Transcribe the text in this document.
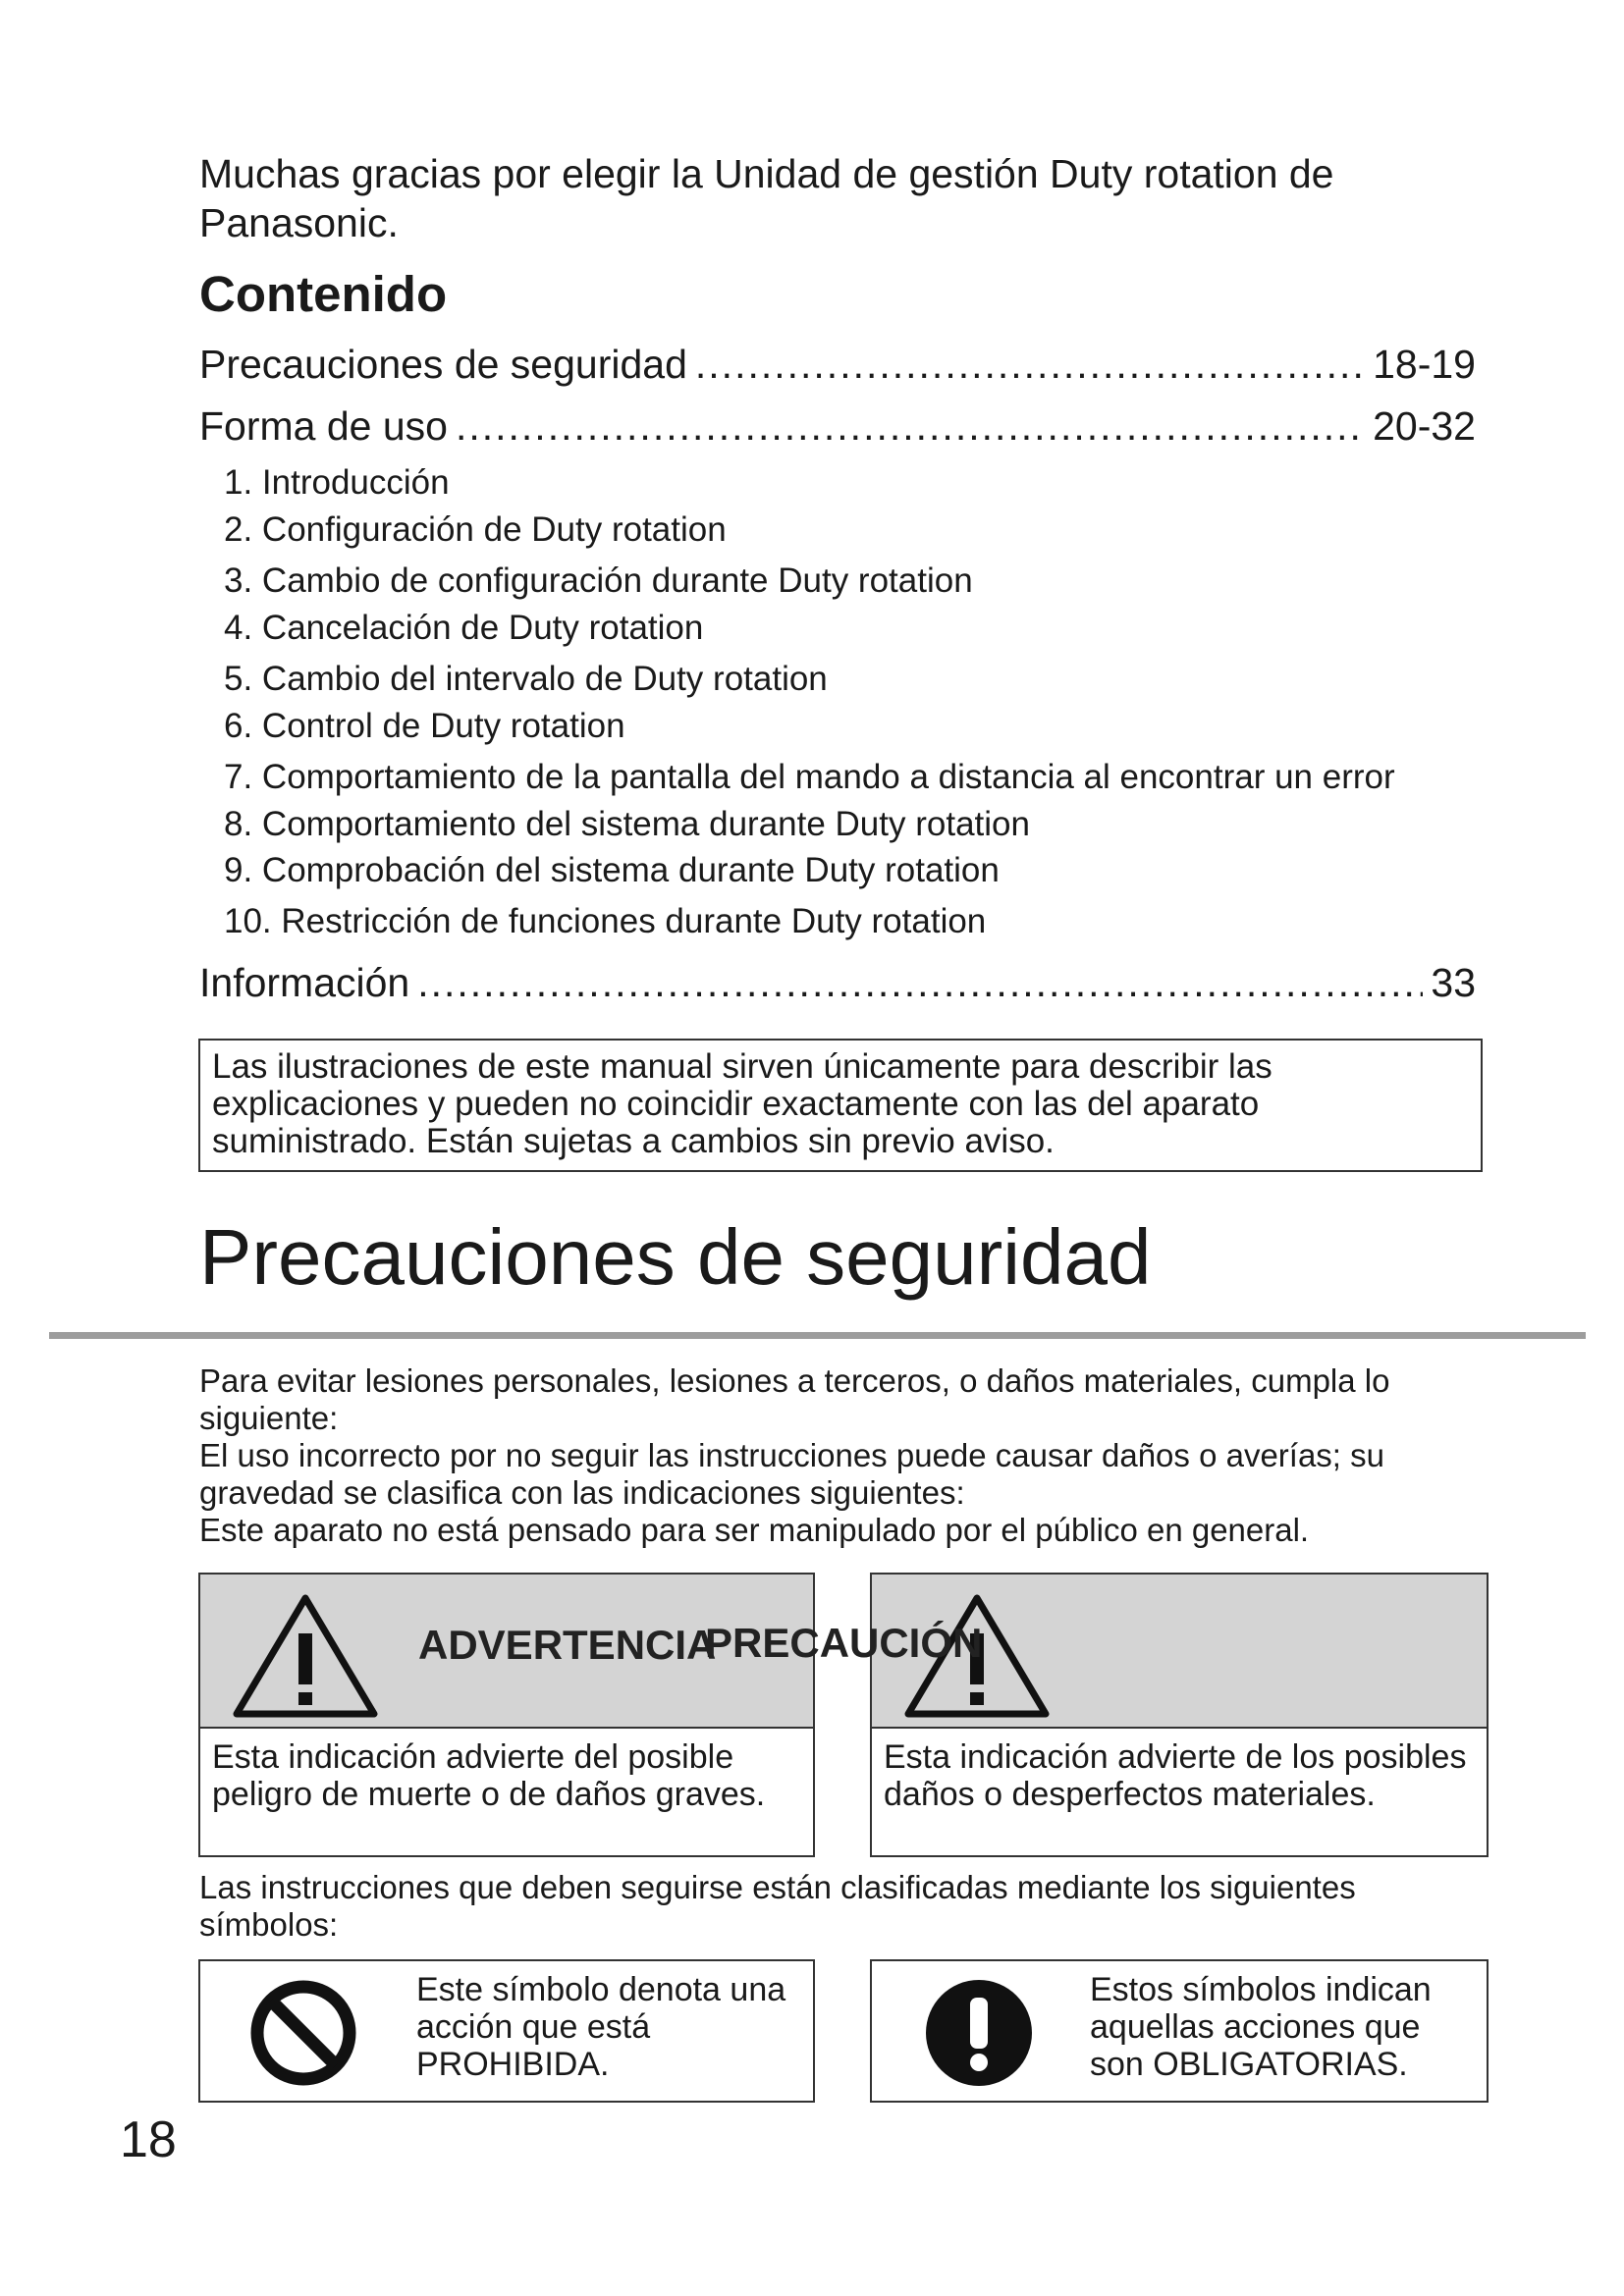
Muchas gracias por elegir la Unidad de gestión Duty rotation de Panasonic.
Contenido
Precauciones de seguridad .....	18-19
Forma de uso .....	20-32
1. Introducción
2. Configuración de Duty rotation
3. Cambio de configuración durante Duty rotation
4. Cancelación de Duty rotation
5. Cambio del intervalo de Duty rotation
6. Control de Duty rotation
7. Comportamiento de la pantalla del mando a distancia al encontrar un error
8. Comportamiento del sistema durante Duty rotation
9. Comprobación del sistema durante Duty rotation
10. Restricción de funciones durante Duty rotation
Información .....	33
Las ilustraciones de este manual sirven únicamente para describir las explicaciones y pueden no coincidir exactamente con las del aparato suministrado. Están sujetas a cambios sin previo aviso.
Precauciones de seguridad

Para evitar lesiones personales, lesiones a terceros, o daños materiales, cumpla lo siguiente:

El uso incorrecto por no seguir las instrucciones puede causar daños o averías; su gravedad se clasifica con las indicaciones siguientes:

Este aparato no está pensado para ser manipulado por el público en general.

ADVERTENCIA
Esta indicación advierte del posible peligro de muerte o de daños graves.
Esta indicación advierte de los posibles daños o desperfectos materiales.
PRECAUCIÓN
Las instrucciones que deben seguirse están clasificadas mediante los siguientes símbolos:
Este símbolo denota una acción que está PROHIBIDA.
Estos símbolos indican aquellas acciones que son OBLIGATORIAS.
18
